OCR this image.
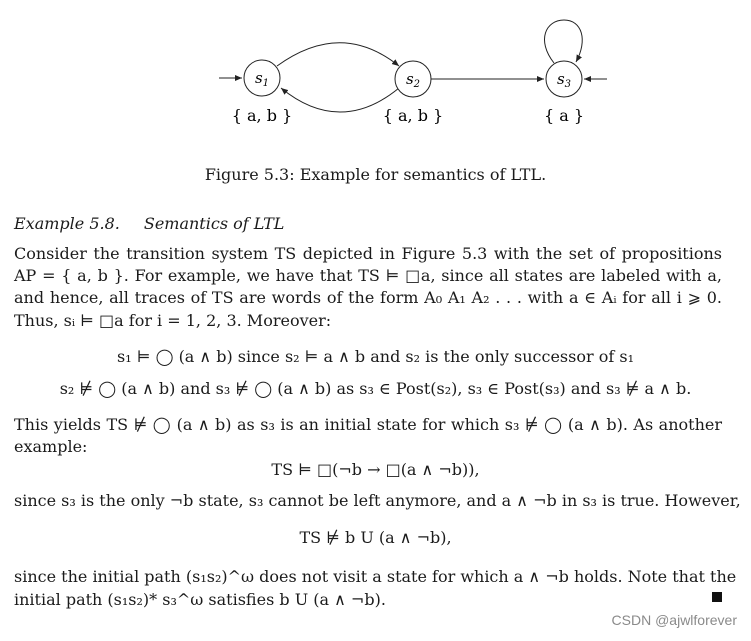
$s_1$	$s_2$	$s_3$
{ a, b }	{ a, b }	{ a }
Figure 5.3: Example for semantics of LTL.
Example 5.8. Semantics of LTL
Consider the transition system TS depicted in Figure 5.3 with the set of propositions
AP = { a, b }. For example, we have that TS ⊨ □a, since all states are labeled with a,
and hence, all traces of TS are words of the form A₀ A₁ A₂ . . . with a ∈ Aᵢ for all i ⩾ 0.
Thus, sᵢ ⊨ □a for i = 1, 2, 3. Moreover:
s₁ ⊨ ◯ (a ∧ b) since s₂ ⊨ a ∧ b and s₂ is the only successor of s₁
s₂ ⊭ ◯ (a ∧ b) and s₃ ⊭ ◯ (a ∧ b) as s₃ ∈ Post(s₂), s₃ ∈ Post(s₃) and s₃ ⊭ a ∧ b.
This yields TS ⊭ ◯ (a ∧ b) as s₃ is an initial state for which s₃ ⊭ ◯ (a ∧ b). As another
example:
TS ⊨ □(¬b → □(a ∧ ¬b)),
since s₃ is the only ¬b state, s₃ cannot be left anymore, and a ∧ ¬b in s₃ is true. However,
TS ⊭ b U (a ∧ ¬b),
since the initial path (s₁s₂)^ω does not visit a state for which a ∧ ¬b holds. Note that the
initial path (s₁s₂)* s₃^ω satisfies b U (a ∧ ¬b).
CSDN @ajwlforever
